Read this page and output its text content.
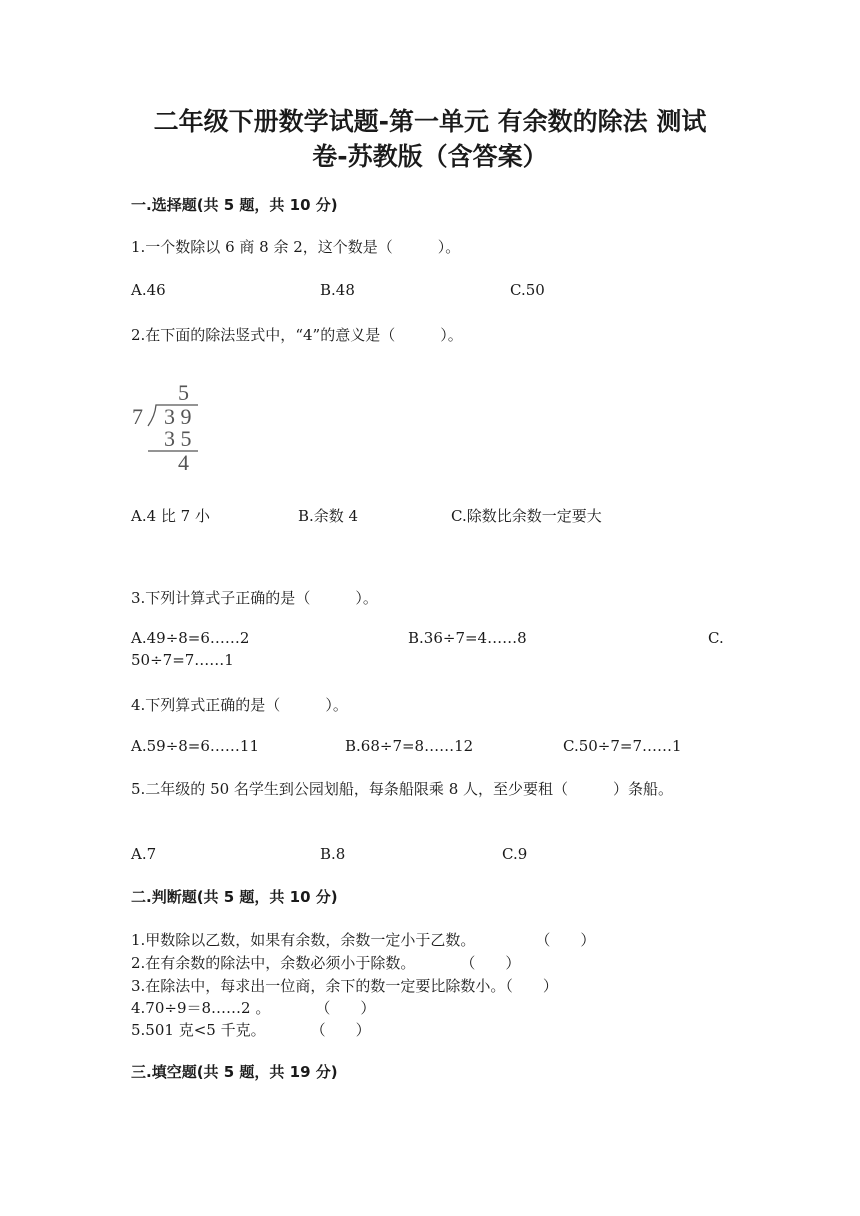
二年级下册数学试题-第一单元 有余数的除法 测试
卷-苏教版（含答案）
一.选择题(共 5 题，共 10 分)
1.一个数除以 6 商 8 余 2，这个数是（　　　）。
A.46	B.48	C.50
2.在下面的除法竖式中，“4”的意义是（　　　）。
5
7 3 9
3 5
4
A.4 比 7 小	B.余数 4	C.除数比余数一定要大
3.下列计算式子正确的是（　　　）。
A.49÷8=6……2	B.36÷7=4……8	C.
50÷7=7……1
4.下列算式正确的是（　　　）。
A.59÷8=6……11	B.68÷7=8……12	C.50÷7=7……1
5.二年级的 50 名学生到公园划船，每条船限乘 8 人，至少要租（　　　）条船。
A.7	B.8	C.9
二.判断题(共 5 题，共 10 分)
1.甲数除以乙数，如果有余数，余数一定小于乙数。　　　　　（　　）
2.在有余数的除法中，余数必须小于除数。　　　　（　　）
3.在除法中，每求出一位商，余下的数一定要比除数小。（　　）
4.70÷9＝8……2 。　　　　（　　）
5.501 克<5 千克。　　　　（　　）
三.填空题(共 5 题，共 19 分)
